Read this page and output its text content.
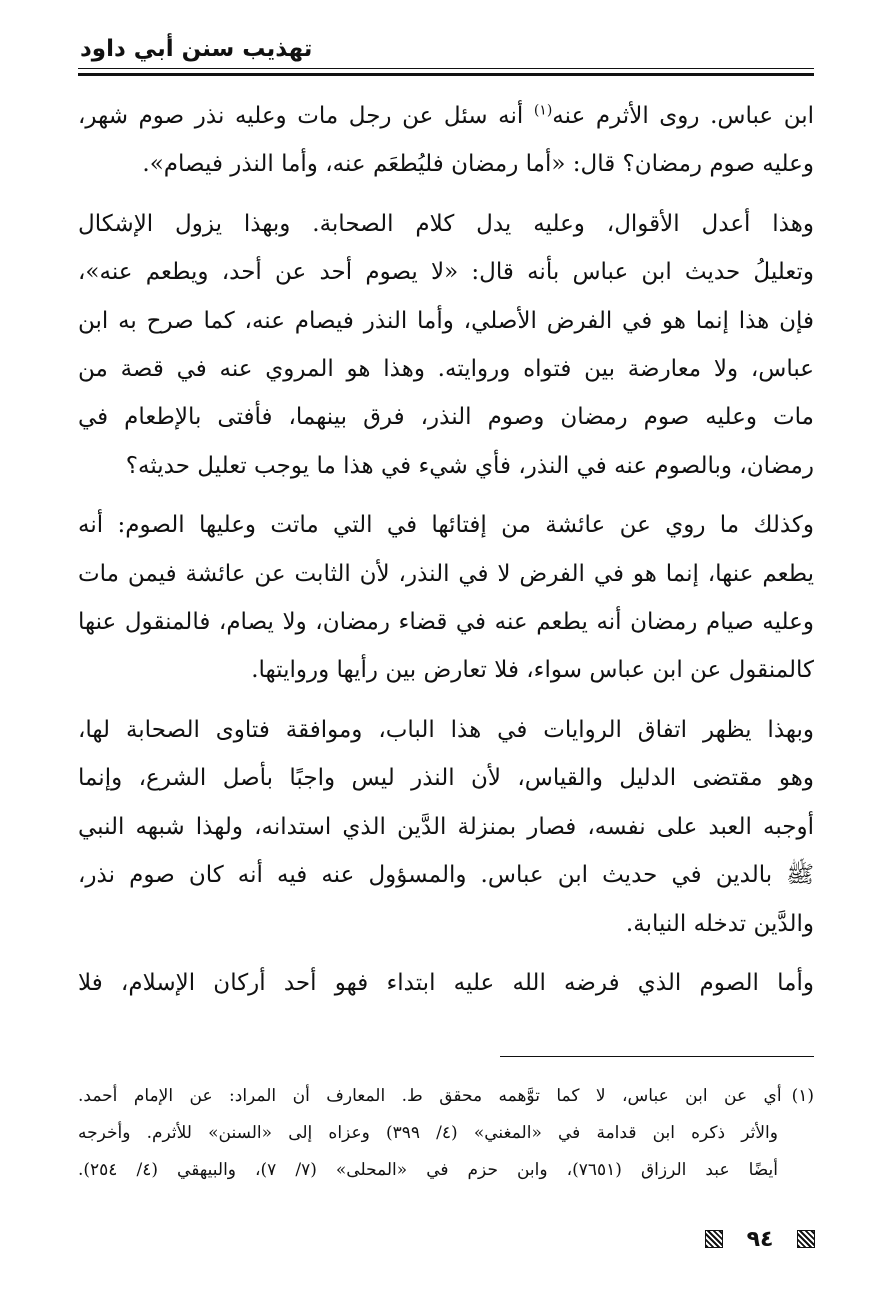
تهذيب سنن أبي داود

ابن عباس. روى الأثرم عنه$^{(١)}$ أنه سئل عن رجل مات وعليه نذر صوم شهر،
وعليه صوم رمضان؟ قال: «أما رمضان فليُطعَم عنه، وأما النذر فيصام».

وهذا أعدل الأقوال، وعليه يدل كلام الصحابة. وبهذا يزول الإشكال
وتعليلُ حديث ابن عباس بأنه قال: «لا يصوم أحد عن أحد، ويطعم عنه»،
فإن هذا إنما هو في الفرض الأصلي، وأما النذر فيصام عنه، كما صرح به ابن
عباس، ولا معارضة بين فتواه وروايته. وهذا هو المروي عنه في قصة من
مات وعليه صوم رمضان وصوم النذر، فرق بينهما، فأفتى بالإطعام في
رمضان، وبالصوم عنه في النذر، فأي شيء في هذا ما يوجب تعليل حديثه؟

وكذلك ما روي عن عائشة من إفتائها في التي ماتت وعليها الصوم: أنه
يطعم عنها، إنما هو في الفرض لا في النذر، لأن الثابت عن عائشة فيمن مات
وعليه صيام رمضان أنه يطعم عنه في قضاء رمضان، ولا يصام، فالمنقول عنها
كالمنقول عن ابن عباس سواء، فلا تعارض بين رأيها وروايتها.

وبهذا يظهر اتفاق الروايات في هذا الباب، وموافقة فتاوى الصحابة لها،
وهو مقتضى الدليل والقياس، لأن النذر ليس واجبًا بأصل الشرع، وإنما
أوجبه العبد على نفسه، فصار بمنزلة الدَّين الذي استدانه، ولهذا شبهه النبي
ﷺ بالدين في حديث ابن عباس. والمسؤول عنه فيه أنه كان صوم نذر،
والدَّين تدخله النيابة.

وأما الصوم الذي فرضه الله عليه ابتداء فهو أحد أركان الإسلام، فلا

(١)أي عن ابن عباس، لا كما توَّهمه محقق ط. المعارف أن المراد: عن الإمام أحمد.
والأثر ذكره ابن قدامة في «المغني» (٤/ ٣٩٩) وعزاه إلى «السنن» للأثرم. وأخرجه
أيضًا عبد الرزاق (٧٦٥١)، وابن حزم في «المحلى» (٧/ ٧)، والبيهقي (٤/ ٢٥٤).
٩٤
